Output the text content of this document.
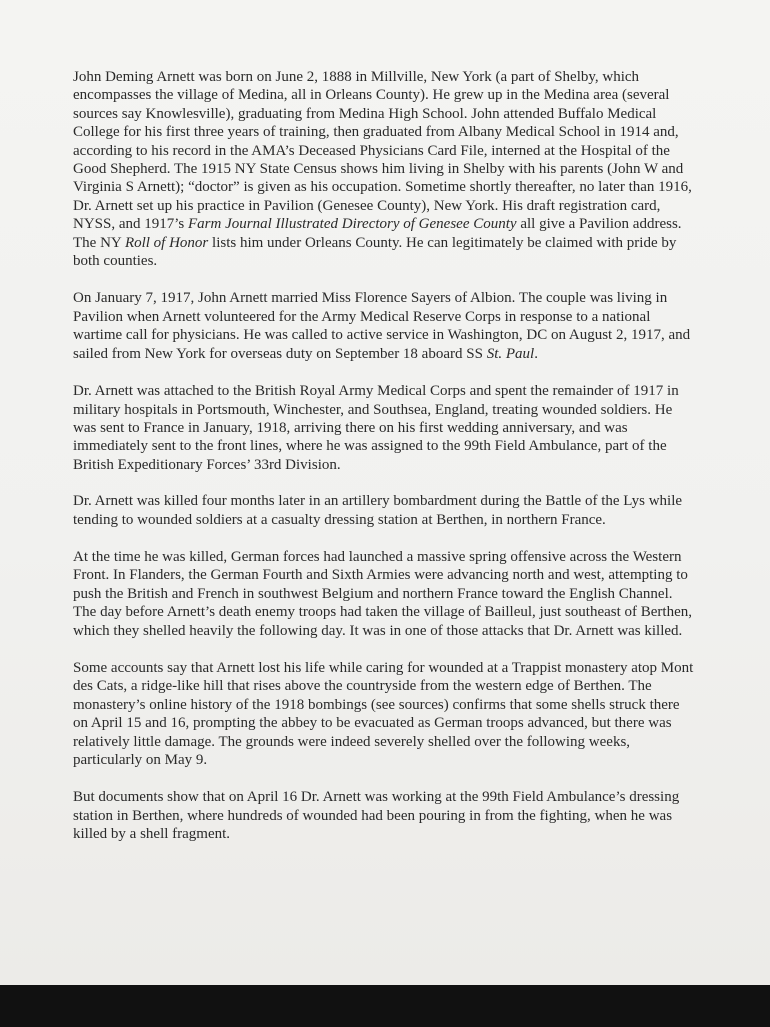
John Deming Arnett was born on June 2, 1888 in Millville, New York (a part of Shelby, which encompasses the village of Medina, all in Orleans County). He grew up in the Medina area (several sources say Knowlesville), graduating from Medina High School. John attended Buffalo Medical College for his first three years of training, then graduated from Albany Medical School in 1914 and, according to his record in the AMA’s Deceased Physicians Card File, interned at the Hospital of the Good Shepherd. The 1915 NY State Census shows him living in Shelby with his parents (John W and Virginia S Arnett); “doctor” is given as his occupation. Sometime shortly thereafter, no later than 1916, Dr. Arnett set up his practice in Pavilion (Genesee County), New York. His draft registration card, NYSS, and 1917’s Farm Journal Illustrated Directory of Genesee County all give a Pavilion address. The NY Roll of Honor lists him under Orleans County. He can legitimately be claimed with pride by both counties.

On January 7, 1917, John Arnett married Miss Florence Sayers of Albion. The couple was living in Pavilion when Arnett volunteered for the Army Medical Reserve Corps in response to a national wartime call for physicians. He was called to active service in Washington, DC on August 2, 1917, and sailed from New York for overseas duty on September 18 aboard SS St. Paul.

Dr. Arnett was attached to the British Royal Army Medical Corps and spent the remainder of 1917 in military hospitals in Portsmouth, Winchester, and Southsea, England, treating wounded soldiers. He was sent to France in January, 1918, arriving there on his first wedding anniversary, and was immediately sent to the front lines, where he was assigned to the 99th Field Ambulance, part of the British Expeditionary Forces’ 33rd Division.

Dr. Arnett was killed four months later in an artillery bombardment during the Battle of the Lys while tending to wounded soldiers at a casualty dressing station at Berthen, in northern France.

At the time he was killed, German forces had launched a massive spring offensive across the Western Front. In Flanders, the German Fourth and Sixth Armies were advancing north and west, attempting to push the British and French in southwest Belgium and northern France toward the English Channel. The day before Arnett’s death enemy troops had taken the village of Bailleul, just southeast of Berthen, which they shelled heavily the following day. It was in one of those attacks that Dr. Arnett was killed.

Some accounts say that Arnett lost his life while caring for wounded at a Trappist monastery atop Mont des Cats, a ridge-like hill that rises above the countryside from the western edge of Berthen. The monastery’s online history of the 1918 bombings (see sources) confirms that some shells struck there on April 15 and 16, prompting the abbey to be evacuated as German troops advanced, but there was relatively little damage. The grounds were indeed severely shelled over the following weeks, particularly on May 9.

But documents show that on April 16 Dr. Arnett was working at the 99th Field Ambulance’s dressing station in Berthen, where hundreds of wounded had been pouring in from the fighting, when he was killed by a shell fragment.
